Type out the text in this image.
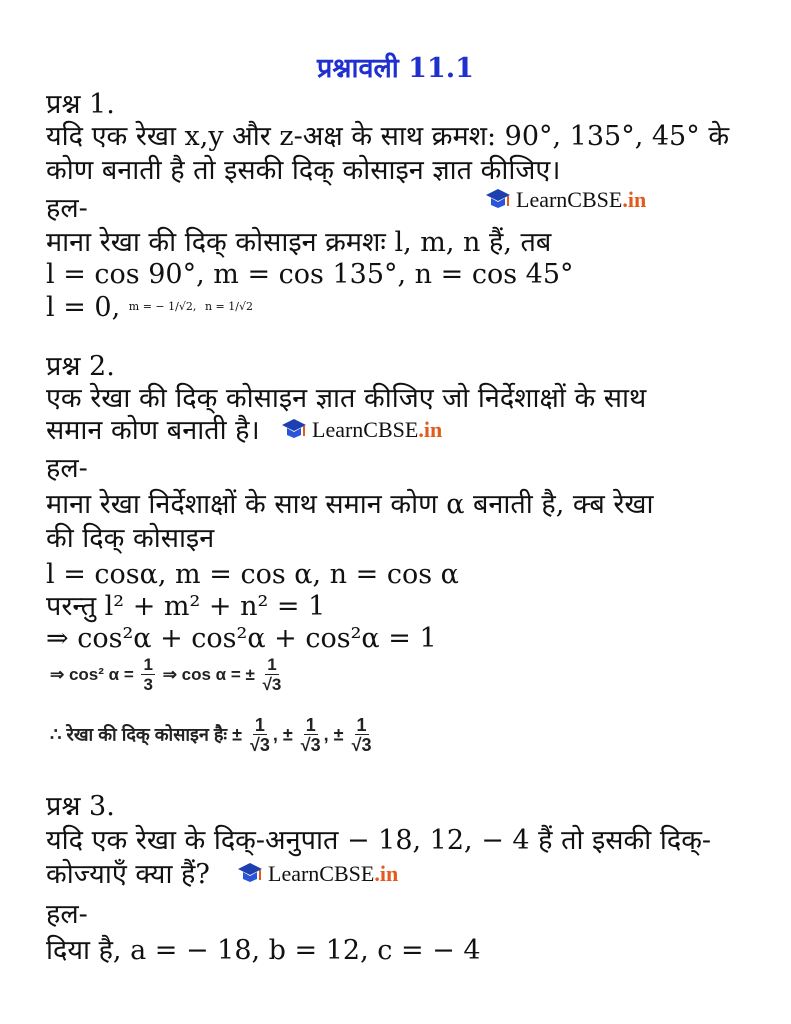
प्रश्नावली 11.1
प्रश्न 1.
यदि एक रेखा x,y और z-अक्ष के साथ क्रमश: 90°, 135°, 45° के
कोण बनाती है तो इसकी दिक् कोसाइन ज्ञात कीजिए।
हल-	LearnCBSE.in
माना रेखा की दिक् कोसाइन क्रमशः l, m, n हैं, तब
l = cos 90°, m = cos 135°, n = cos 45°
l = 0, $^{m = - 1/√2,}$ $^{n = 1/√2}$
प्रश्न 2.
एक रेखा की दिक् कोसाइन ज्ञात कीजिए जो निर्देशाक्षों के साथ
समान कोण बनाती है।	LearnCBSE.in
हल-
माना रेखा निर्देशाक्षों के साथ समान कोण α बनाती है, क्ब रेखा
की दिक् कोसाइन
l = cosα, m = cos α, n = cos α
परन्तु l² + m² + n² = 1
⇒ cos²α + cos²α + cos²α = 1
⇒ cos² $\alpha = \frac{1}{3}$ ⇒ cos α = ± $\frac{1}{√3}$
∴ रेखा की दिक् कोसाइन हैः ± $\frac{1}{√3}$ , ± $\frac{1}{√3}$ , ± $\frac{1}{√3}$
प्रश्न 3.
यदि एक रेखा के दिक्-अनुपात − 18, 12, − 4 हैं तो इसकी दिक्-
कोज्याएँ क्या हैं?	LearnCBSE.in
हल-
दिया है, a = − 18, b = 12, c = − 4
